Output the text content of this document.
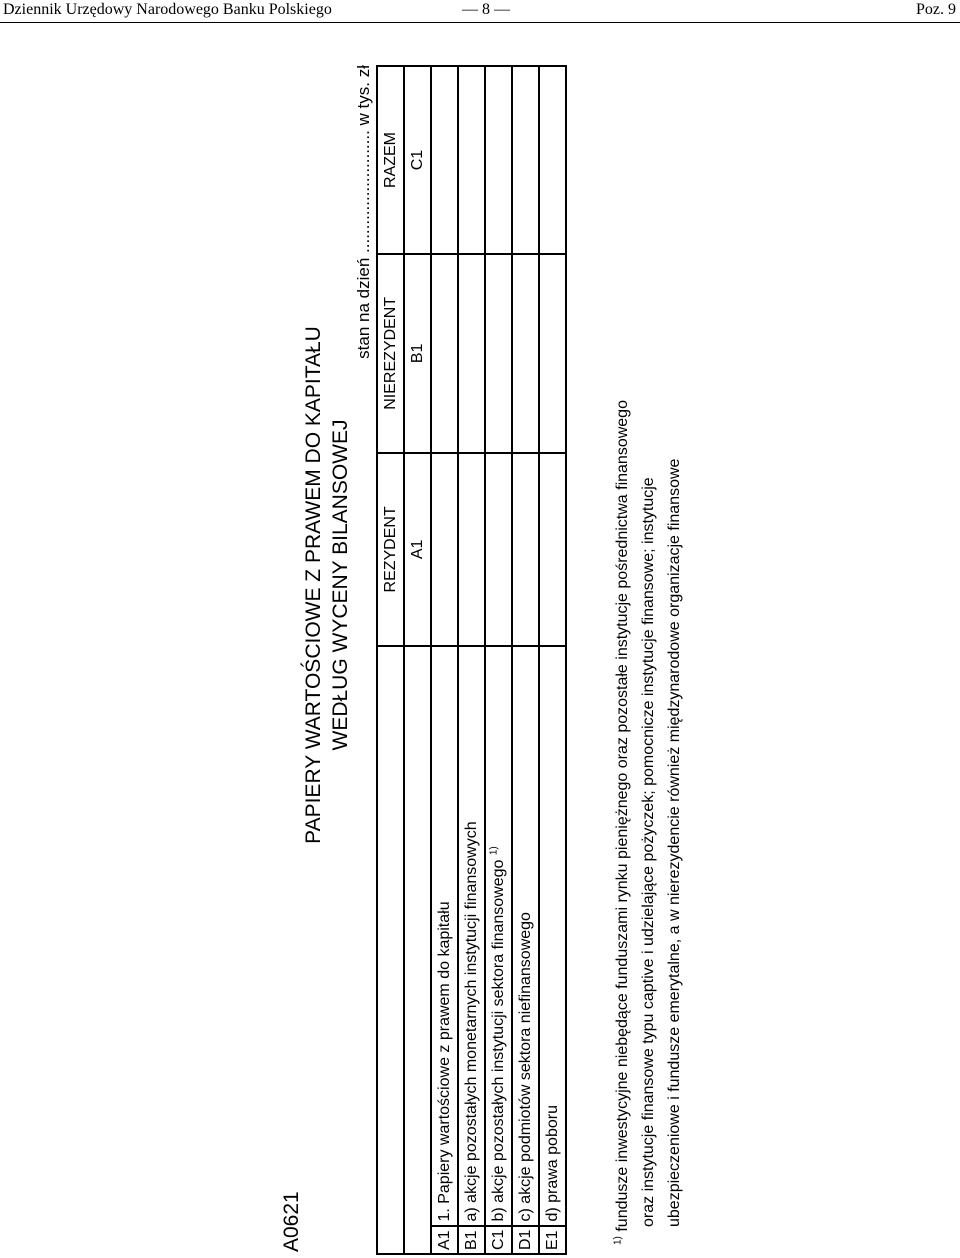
Dziennik Urzędowy Narodowego Banku Polskiego	— 8 —	Poz. 9
A0621
PAPIERY WARTOŚCIOWE Z PRAWEM DO KAPITAŁU WEDŁUG WYCENY BILANSOWEJ
stan na dzień .......................... w tys. zł
		REZYDENT	NIEREZYDENT	RAZEM
		A1	B1	C1
A1	1. Papiery wartościowe z prawem do kapitału			
B1	a) akcje pozostałych monetarnych instytucji finansowych			
C1	b) akcje pozostałych instytucji sektora finansowego $^{1)}$			
D1	c) akcje podmiotów sektora niefinansowego			
E1	d) prawa poboru			
$^{1)}$ fundusze inwestycyjne niebędące funduszami rynku pieniężnego oraz pozostałe instytucje pośrednictwa finansowego oraz instytucje finansowe typu captive i udzielające pożyczek; pomocnicze instytucje finansowe; instytucje ubezpieczeniowe i fundusze emerytalne, a w nierezydencie również międzynarodowe organizacje finansowe
